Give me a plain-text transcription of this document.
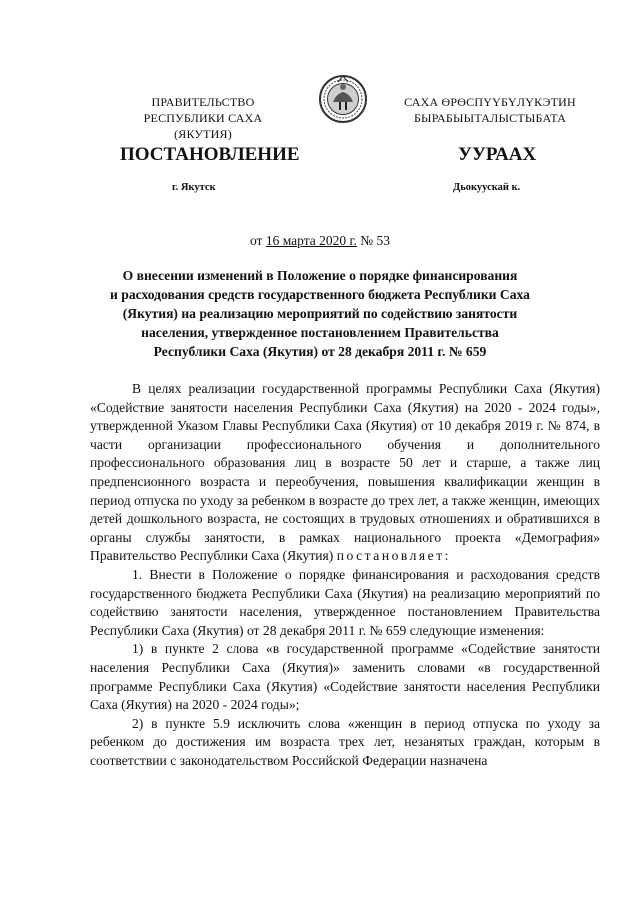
ПРАВИТЕЛЬСТВО
РЕСПУБЛИКИ САХА (ЯКУТИЯ)
САХА ӨРӨСПҮҮБҮЛҮКЭТИН
БЫРАБЫЫТАЛЫСТЫБАТА
ПОСТАНОВЛЕНИЕ	УУРААХ
г. Якутск	Дьокуускай к.
от 16 марта 2020 г. № 53
О внесении изменений в Положение о порядке финансирования
и расходования средств государственного бюджета Республики Саха
(Якутия) на реализацию мероприятий по содействию занятости
населения, утвержденное постановлением Правительства
Республики Саха (Якутия) от 28 декабря 2011 г. № 659

В целях реализации государственной программы Республики Саха (Якутия) «Содействие занятости населения Республики Саха (Якутия) на 2020 - 2024 годы», утвержденной Указом Главы Республики Саха (Якутия) от 10 декабря 2019 г. № 874, в части организации профессионального обучения и дополнительного профессионального образования лиц в возрасте 50 лет и старше, а также лиц предпенсионного возраста и переобучения, повышения квалификации женщин в период отпуска по уходу за ребенком в возрасте до трех лет, а также женщин, имеющих детей дошкольного возраста, не состоящих в трудовых отношениях и обратившихся в органы службы занятости, в рамках национального проекта «Демография» Правительство Республики Саха (Якутия) постановляет:

1. Внести в Положение о порядке финансирования и расходования средств государственного бюджета Республики Саха (Якутия) на реализацию мероприятий по содействию занятости населения, утвержденное постановлением Правительства Республики Саха (Якутия) от 28 декабря 2011 г. № 659 следующие изменения:

1) в пункте 2 слова «в государственной программе «Содействие занятости населения Республики Саха (Якутия)» заменить словами «в государственной программе Республики Саха (Якутия) «Содействие занятости населения Республики Саха (Якутия) на 2020 - 2024 годы»;

2) в пункте 5.9 исключить слова «женщин в период отпуска по уходу за ребенком до достижения им возраста трех лет, незанятых граждан, которым в соответствии с законодательством Российской Федерации назначена
